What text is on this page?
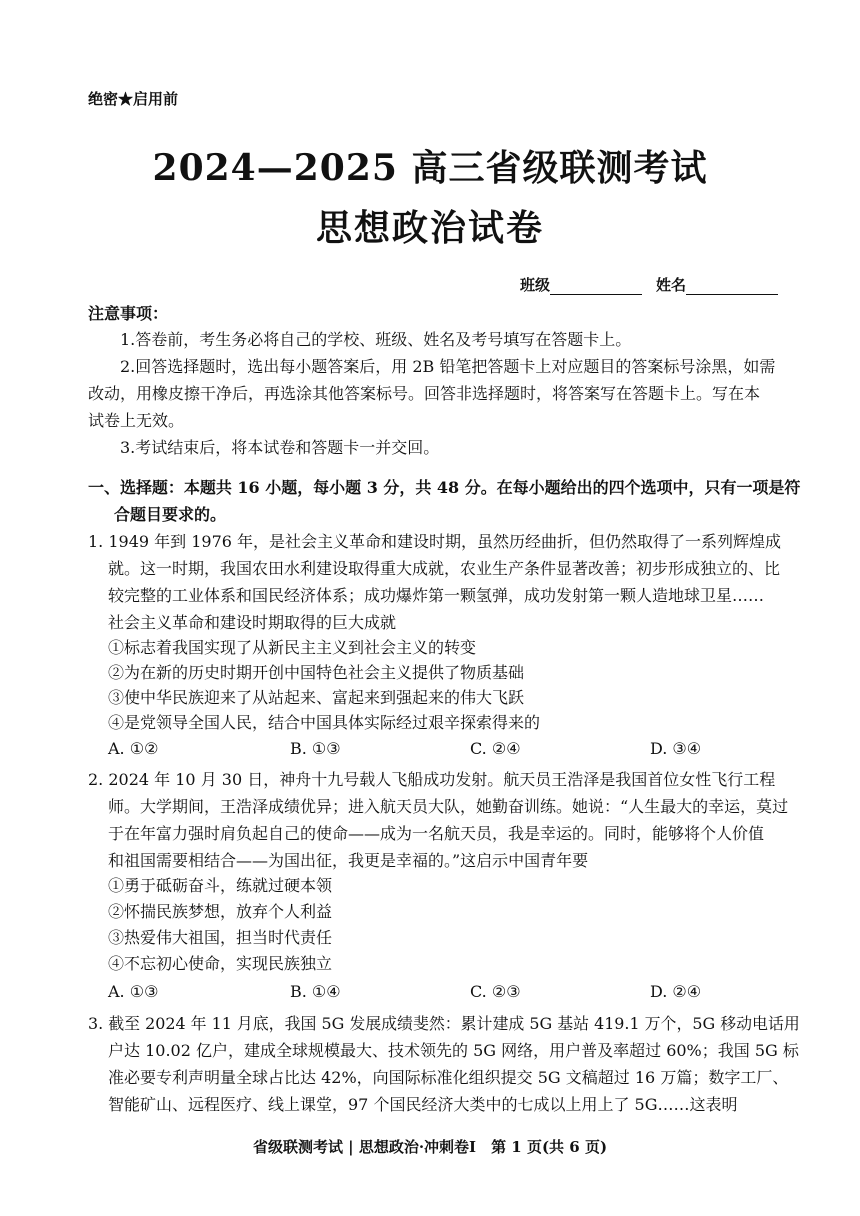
绝密★启用前
2024—2025 高三省级联测考试
思想政治试卷
班级	姓名
注意事项：
1.答卷前，考生务必将自己的学校、班级、姓名及考号填写在答题卡上。
2.回答选择题时，选出每小题答案后，用 2B 铅笔把答题卡上对应题目的答案标号涂黑，如需
改动，用橡皮擦干净后，再选涂其他答案标号。回答非选择题时，将答案写在答题卡上。写在本
试卷上无效。
3.考试结束后，将本试卷和答题卡一并交回。
一、选择题：本题共 16 小题，每小题 3 分，共 48 分。在每小题给出的四个选项中，只有一项是符
合题目要求的。
1. 1949 年到 1976 年，是社会主义革命和建设时期，虽然历经曲折，但仍然取得了一系列辉煌成
就。这一时期，我国农田水利建设取得重大成就，农业生产条件显著改善；初步形成独立的、比
较完整的工业体系和国民经济体系；成功爆炸第一颗氢弹，成功发射第一颗人造地球卫星……
社会主义革命和建设时期取得的巨大成就
①标志着我国实现了从新民主主义到社会主义的转变
②为在新的历史时期开创中国特色社会主义提供了物质基础
③使中华民族迎来了从站起来、富起来到强起来的伟大飞跃
④是党领导全国人民，结合中国具体实际经过艰辛探索得来的
A. ①②	B. ①③	C. ②④	D. ③④
2. 2024 年 10 月 30 日，神舟十九号载人飞船成功发射。航天员王浩泽是我国首位女性飞行工程
师。大学期间，王浩泽成绩优异；进入航天员大队，她勤奋训练。她说：“人生最大的幸运，莫过
于在年富力强时肩负起自己的使命——成为一名航天员，我是幸运的。同时，能够将个人价值
和祖国需要相结合——为国出征，我更是幸福的。”这启示中国青年要
①勇于砥砺奋斗，练就过硬本领
②怀揣民族梦想，放弃个人利益
③热爱伟大祖国，担当时代责任
④不忘初心使命，实现民族独立
A. ①③	B. ①④	C. ②③	D. ②④
3. 截至 2024 年 11 月底，我国 5G 发展成绩斐然：累计建成 5G 基站 419.1 万个，5G 移动电话用
户达 10.02 亿户，建成全球规模最大、技术领先的 5G 网络，用户普及率超过 60%；我国 5G 标
准必要专利声明量全球占比达 42%，向国际标准化组织提交 5G 文稿超过 16 万篇；数字工厂、
智能矿山、远程医疗、线上课堂，97 个国民经济大类中的七成以上用上了 5G……这表明
省级联测考试 | 思想政治·冲刺卷Ⅰ　第 1 页(共 6 页)
